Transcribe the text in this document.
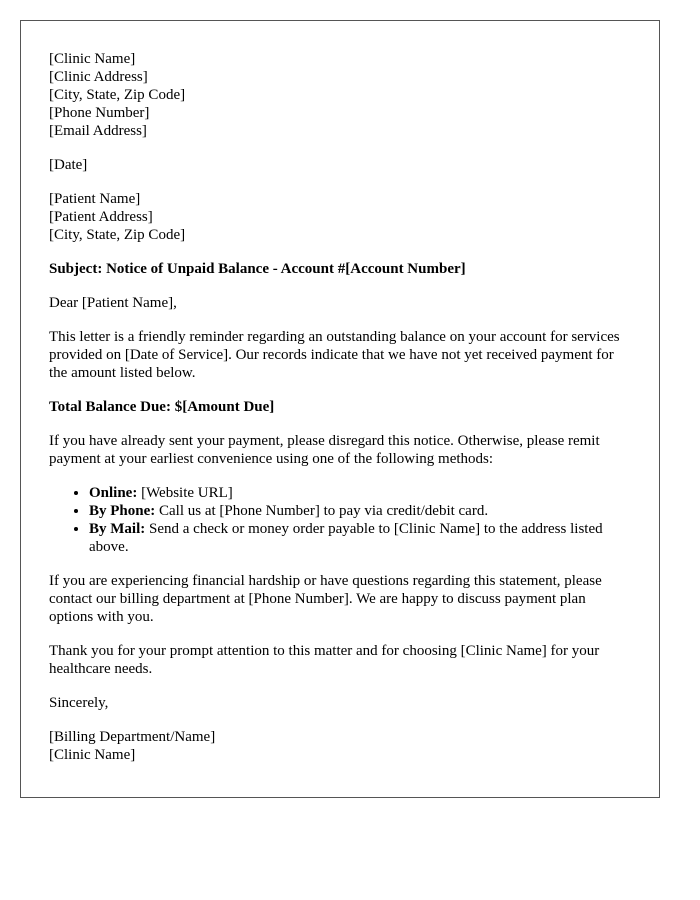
[Clinic Name]
[Clinic Address]
[City, State, Zip Code]
[Phone Number]
[Email Address]
[Date]
[Patient Name]
[Patient Address]
[City, State, Zip Code]

Subject: Notice of Unpaid Balance - Account #[Account Number]

Dear [Patient Name],

This letter is a friendly reminder regarding an outstanding balance on your account for services provided on [Date of Service]. Our records indicate that we have not yet received payment for the amount listed below.

Total Balance Due: $[Amount Due]

If you have already sent your payment, please disregard this notice. Otherwise, please remit payment at your earliest convenience using one of the following methods:

• Online: [Website URL]
• By Phone: Call us at [Phone Number] to pay via credit/debit card.
• By Mail: Send a check or money order payable to [Clinic Name] to the address listed above.

If you are experiencing financial hardship or have questions regarding this statement, please contact our billing department at [Phone Number]. We are happy to discuss payment plan options with you.

Thank you for your prompt attention to this matter and for choosing [Clinic Name] for your healthcare needs.

Sincerely,

[Billing Department/Name]
[Clinic Name]
